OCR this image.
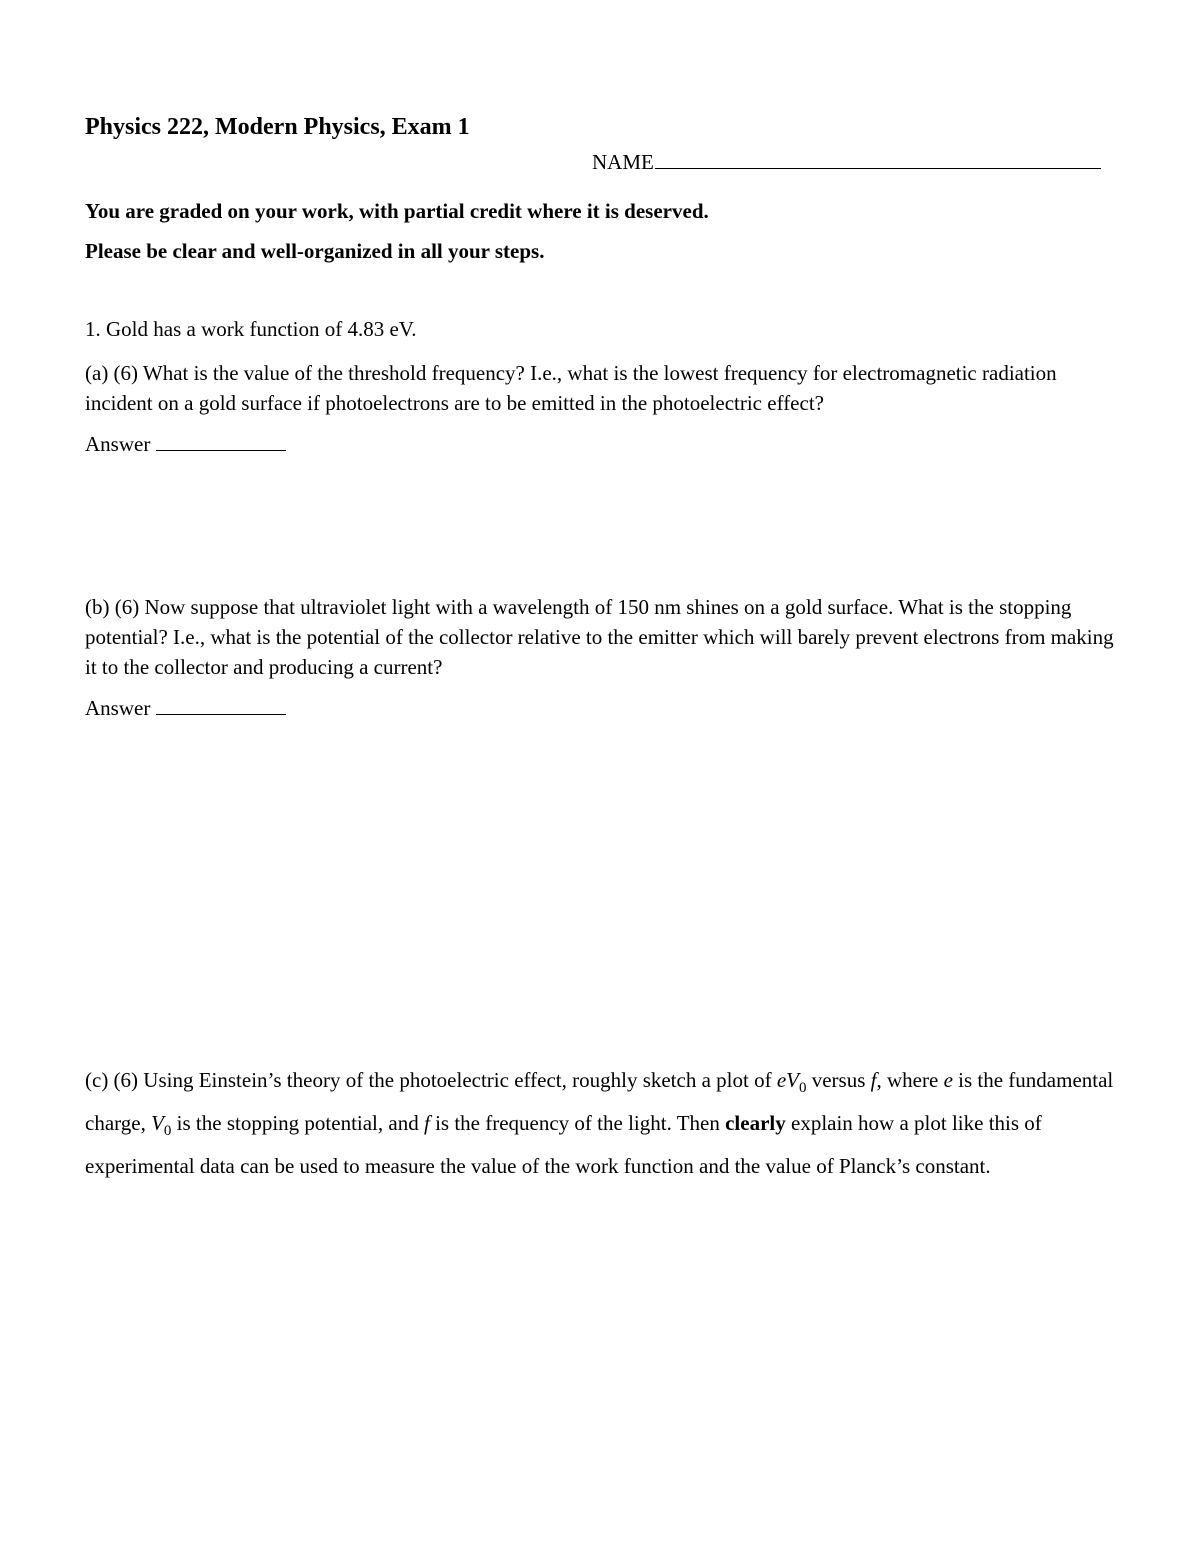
Physics 222, Modern Physics, Exam 1
NAME
You are graded on your work, with partial credit where it is deserved.
Please be clear and well-organized in all your steps.
1. Gold has a work function of 4.83 eV.
(a) (6) What is the value of the threshold frequency? I.e., what is the lowest frequency for electromagnetic radiation incident on a gold surface if photoelectrons are to be emitted in the photoelectric effect?
Answer
(b) (6) Now suppose that ultraviolet light with a wavelength of 150 nm shines on a gold surface. What is the stopping potential? I.e., what is the potential of the collector relative to the emitter which will barely prevent electrons from making it to the collector and producing a current?
Answer
(c) (6) Using Einstein’s theory of the photoelectric effect, roughly sketch a plot of $eV_0$ versus f, where e is the fundamental charge, $V_0$ is the stopping potential, and f is the frequency of the light. Then clearly explain how a plot like this of experimental data can be used to measure the value of the work function and the value of Planck’s constant.
